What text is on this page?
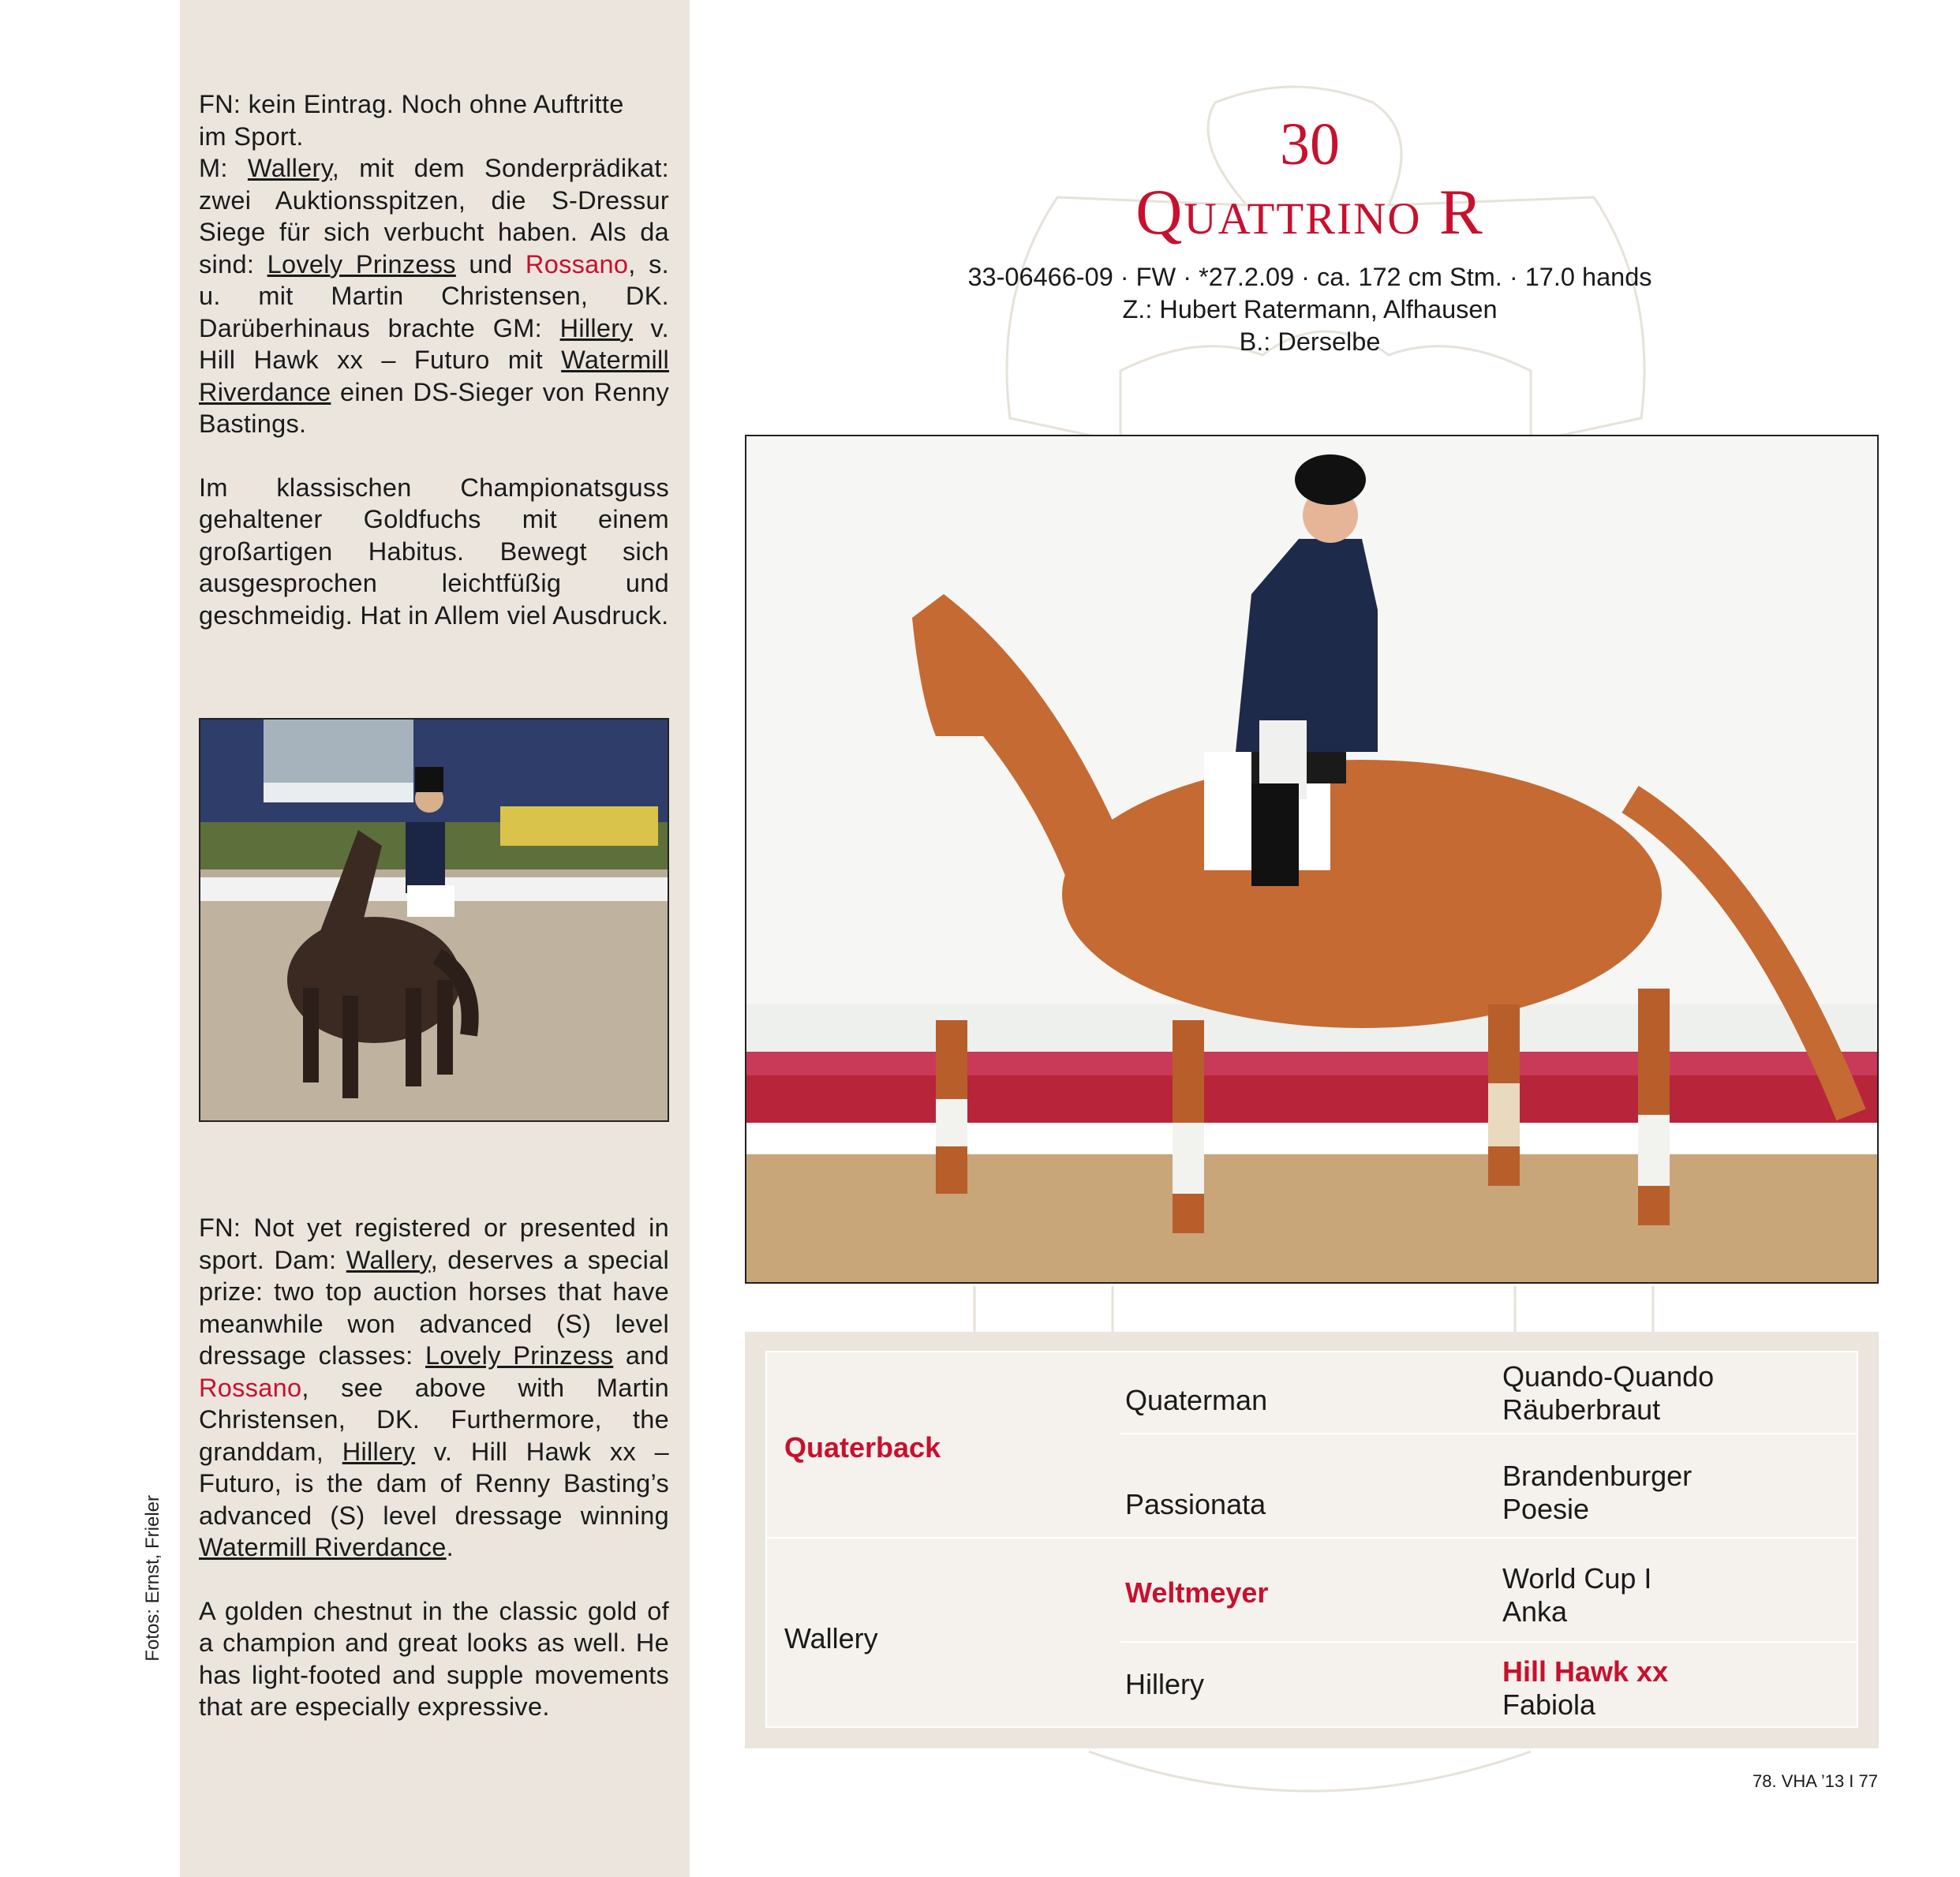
FN: kein Eintrag. Noch ohne Auftritte
im Sport.
M: Wallery, mit dem Sonderprädikat: zwei Auktionsspitzen, die S-Dressur Siege für sich verbucht haben. Als da sind: Lovely Prinzess und Rossano, s. u. mit Martin Christensen, DK. Darüberhinaus brachte GM: Hillery v. Hill Hawk xx – Futuro mit Watermill Riverdance einen DS-Sieger von Renny Bastings.

Im klassischen Championatsguss gehaltener Goldfuchs mit einem großartigen Habitus. Bewegt sich ausgesprochen leichtfüßig und geschmeidig. Hat in Allem viel Ausdruck.

FN: Not yet registered or presented in sport. Dam: Wallery, deserves a special prize: two top auction horses that have meanwhile won advanced (S) level dressage classes: Lovely Prinzess and Rossano, see above with Martin Christensen, DK. Furthermore, the granddam, Hillery v. Hill Hawk xx – Futuro, is the dam of Renny Basting’s advanced (S) level dressage winning Watermill Riverdance.

A golden chestnut in the classic gold of a champion and great looks as well. He has light-footed and supple movements that are especially expressive.

Fotos: Ernst, Frieler
30
Quattrino R
33-06466-09 · FW · *27.2.09 · ca. 172 cm Stm. · 17.0 hands
Z.: Hubert Ratermann, Alfhausen
B.: Derselbe
Quaterback
Wallery
Quaterman
Passionata
Weltmeyer
Hillery
Quando-Quando
Räuberbraut
Brandenburger
Poesie
World Cup I
Anka
Hill Hawk xx
Fabiola
78. VHA ’13 I 77
